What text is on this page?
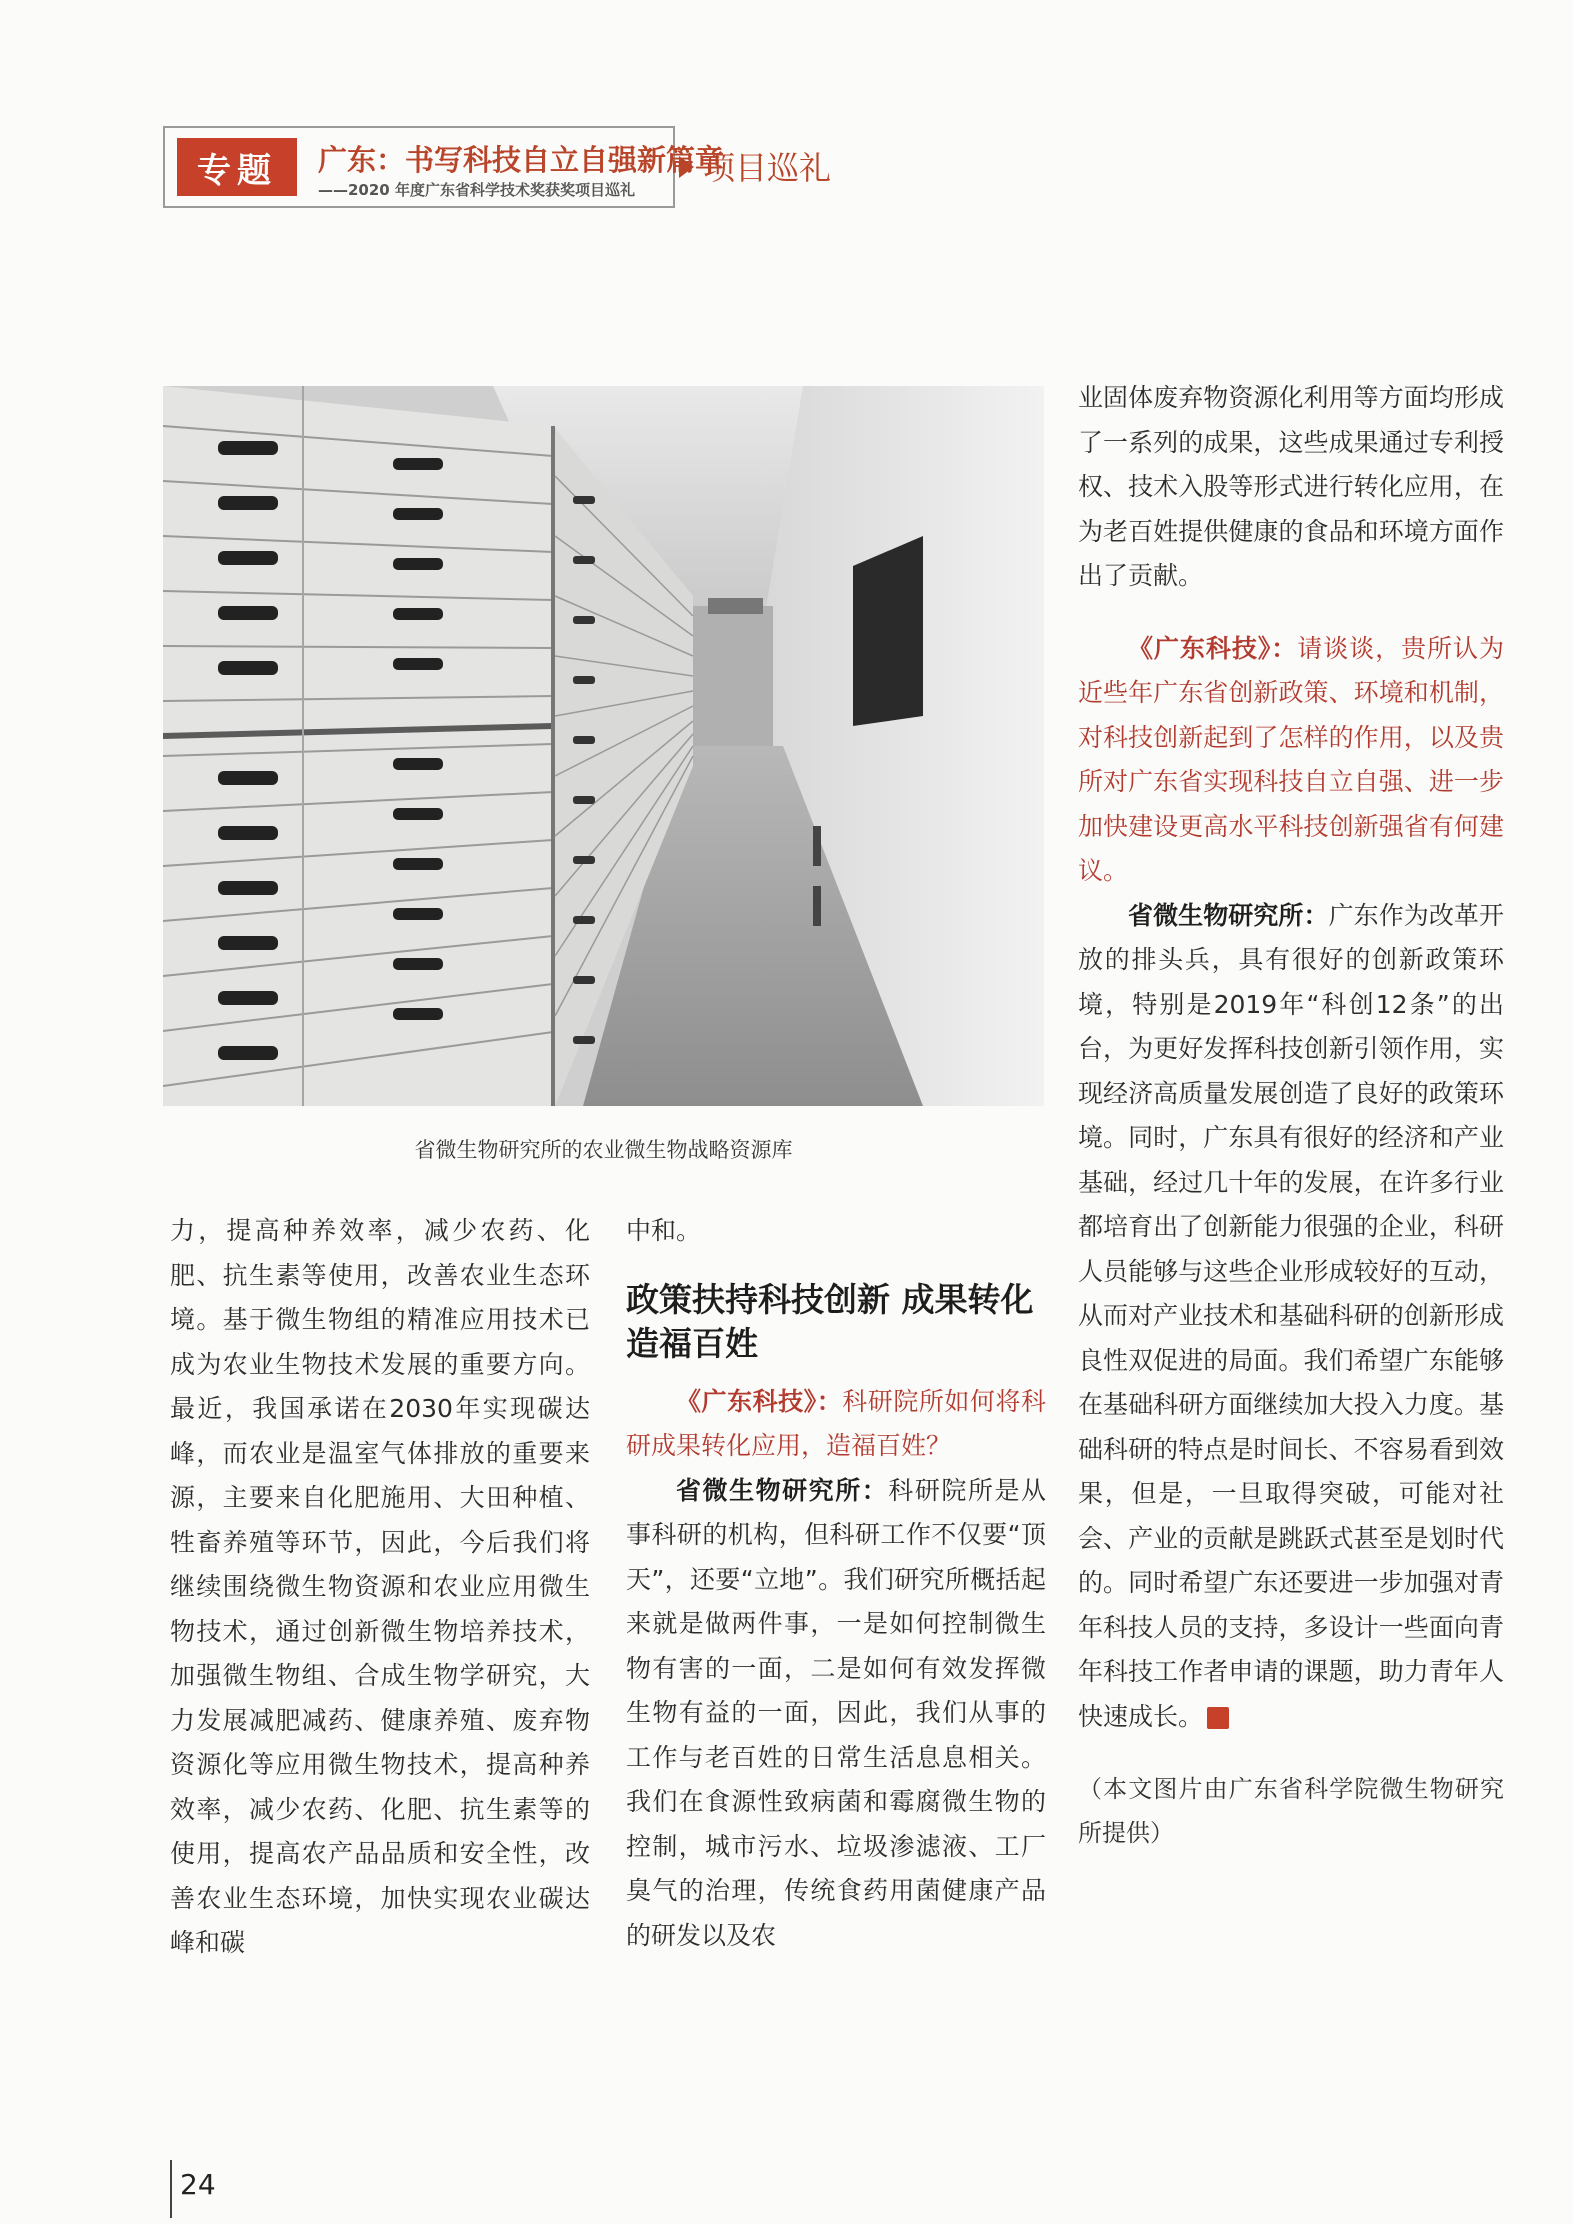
专题	广东：书写科技自立自强新篇章
——2020 年度广东省科学技术奖获奖项目巡礼
项目巡礼
省微生物研究所的农业微生物战略资源库

力，提高种养效率，减少农药、化肥、抗生素等使用，改善农业生态环境。基于微生物组的精准应用技术已成为农业生物技术发展的重要方向。最近，我国承诺在2030年实现碳达峰，而农业是温室气体排放的重要来源，主要来自化肥施用、大田种植、牲畜养殖等环节，因此，今后我们将继续围绕微生物资源和农业应用微生物技术，通过创新微生物培养技术，加强微生物组、合成生物学研究，大力发展减肥减药、健康养殖、废弃物资源化等应用微生物技术，提高种养效率，减少农药、化肥、抗生素等的使用，提高农产品品质和安全性，改善农业生态环境，加快实现农业碳达峰和碳

中和。

政策扶持科技创新 成果转化造福百姓

《广东科技》：科研院所如何将科研成果转化应用，造福百姓？

省微生物研究所：科研院所是从事科研的机构，但科研工作不仅要“顶天”，还要“立地”。我们研究所概括起来就是做两件事，一是如何控制微生物有害的一面，二是如何有效发挥微生物有益的一面，因此，我们从事的工作与老百姓的日常生活息息相关。我们在食源性致病菌和霉腐微生物的控制，城市污水、垃圾渗滤液、工厂臭气的治理，传统食药用菌健康产品的研发以及农

业固体废弃物资源化利用等方面均形成了一系列的成果，这些成果通过专利授权、技术入股等形式进行转化应用，在为老百姓提供健康的食品和环境方面作出了贡献。

《广东科技》：请谈谈，贵所认为近些年广东省创新政策、环境和机制，对科技创新起到了怎样的作用，以及贵所对广东省实现科技自立自强、进一步加快建设更高水平科技创新强省有何建议。

省微生物研究所：广东作为改革开放的排头兵，具有很好的创新政策环境，特别是2019年“科创12条”的出台，为更好发挥科技创新引领作用，实现经济高质量发展创造了良好的政策环境。同时，广东具有很好的经济和产业基础，经过几十年的发展，在许多行业都培育出了创新能力很强的企业，科研人员能够与这些企业形成较好的互动，从而对产业技术和基础科研的创新形成良性双促进的局面。我们希望广东能够在基础科研方面继续加大投入力度。基础科研的特点是时间长、不容易看到效果，但是，一旦取得突破，可能对社会、产业的贡献是跳跃式甚至是划时代的。同时希望广东还要进一步加强对青年科技人员的支持，多设计一些面向青年科技工作者申请的课题，助力青年人快速成长。

（本文图片由广东省科学院微生物研究所提供）

24
